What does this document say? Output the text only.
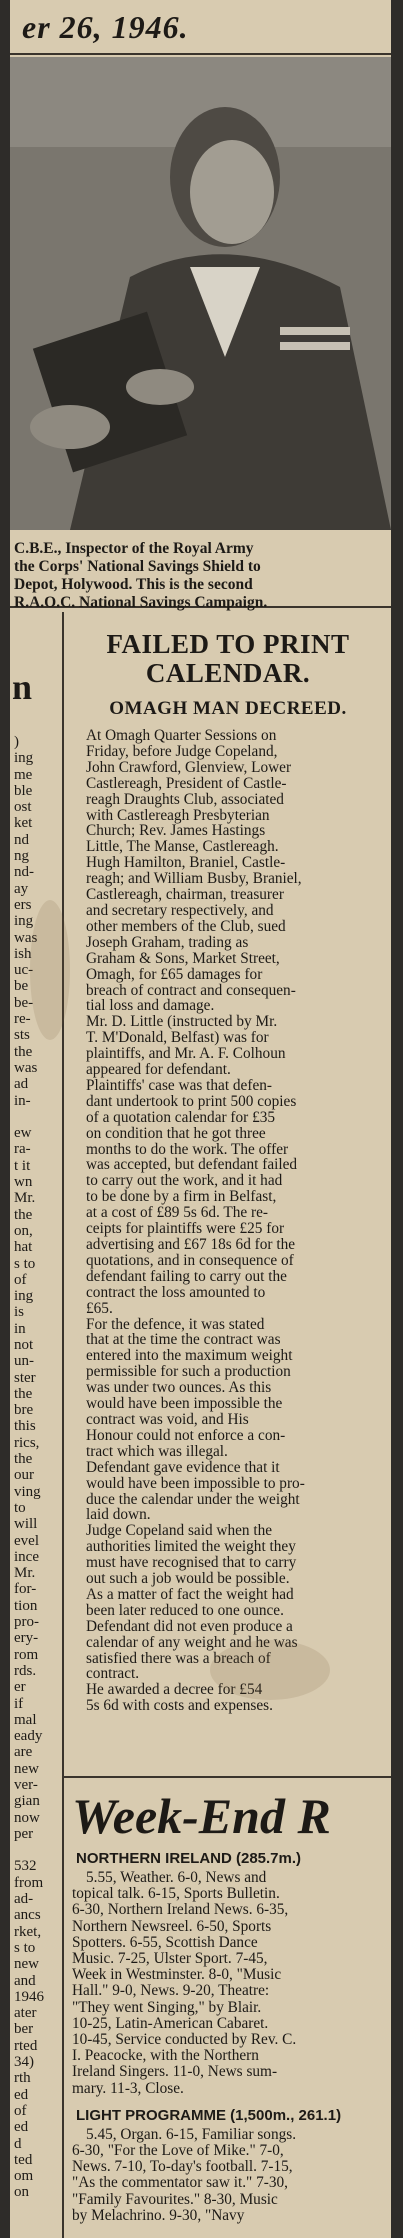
er 26, 1946.
C.B.E., Inspector of the Royal Army
the Corps' National Savings Shield to
Depot, Holywood. This is the second
R.A.O.C. National Savings Campaign.
n
)
ing
me
ble
ost
ket
nd
ng
nd-
ay
ers
ing
was
ish
uc-
be
be-
re-
sts
the
was
ad
in-

ew
ra-
t it
wn
Mr.
the
on,
hat
s to
of
ing
is
in
not
un-
ster
the
bre
this
rics,
the
our
ving
to
will
evel
ince
Mr.
for-
tion
pro-
ery-
rom
rds.
er
if
mal
eady
are
new
ver-
gian
now
per

532
from
ad-
ancs
rket,
s to
new
and
1946
ater
ber
rted
34)
rth
ed
of
ed
d
ted
om
on
FAILED TO PRINT CALENDAR.
OMAGH MAN DECREED.

At Omagh Quarter Sessions on
Friday, before Judge Copeland,
John Crawford, Glenview, Lower
Castlereagh, President of Castle-
reagh Draughts Club, associated
with Castlereagh Presbyterian
Church; Rev. James Hastings
Little, The Manse, Castlereagh.
Hugh Hamilton, Braniel, Castle-
reagh; and William Busby, Braniel,
Castlereagh, chairman, treasurer
and secretary respectively, and
other members of the Club, sued
Joseph Graham, trading as
Graham & Sons, Market Street,
Omagh, for £65 damages for
breach of contract and consequen-
tial loss and damage.

Mr. D. Little (instructed by Mr.
T. M'Donald, Belfast) was for
plaintiffs, and Mr. A. F. Colhoun
appeared for defendant.

Plaintiffs' case was that defen-
dant undertook to print 500 copies
of a quotation calendar for £35
on condition that he got three
months to do the work. The offer
was accepted, but defendant failed
to carry out the work, and it had
to be done by a firm in Belfast,
at a cost of £89 5s 6d. The re-
ceipts for plaintiffs were £25 for
advertising and £67 18s 6d for the
quotations, and in consequence of
defendant failing to carry out the
contract the loss amounted to
£65.

For the defence, it was stated
that at the time the contract was
entered into the maximum weight
permissible for such a production
was under two ounces. As this
would have been impossible the
contract was void, and His
Honour could not enforce a con-
tract which was illegal.

Defendant gave evidence that it
would have been impossible to pro-
duce the calendar under the weight
laid down.

Judge Copeland said when the
authorities limited the weight they
must have recognised that to carry
out such a job would be possible.
As a matter of fact the weight had
been later reduced to one ounce.
Defendant did not even produce a
calendar of any weight and he was
satisfied there was a breach of
contract.

He awarded a decree for £54
5s 6d with costs and expenses.

Week-End R
NORTHERN IRELAND (285.7m.)
5.55, Weather. 6-0, News and
topical talk. 6-15, Sports Bulletin.
6-30, Northern Ireland News. 6-35,
Northern Newsreel. 6-50, Sports
Spotters. 6-55, Scottish Dance
Music. 7-25, Ulster Sport. 7-45,
Week in Westminster. 8-0, "Music
Hall." 9-0, News. 9-20, Theatre:
"They went Singing," by Blair.
10-25, Latin-American Cabaret.
10-45, Service conducted by Rev. C.
I. Peacocke, with the Northern
Ireland Singers. 11-0, News sum-
mary. 11-3, Close.
LIGHT PROGRAMME (1,500m., 261.1)
5.45, Organ. 6-15, Familiar songs.
6-30, "For the Love of Mike." 7-0,
News. 7-10, To-day's football. 7-15,
"As the commentator saw it." 7-30,
"Family Favourites." 8-30, Music
by Melachrino. 9-30, "Navy
